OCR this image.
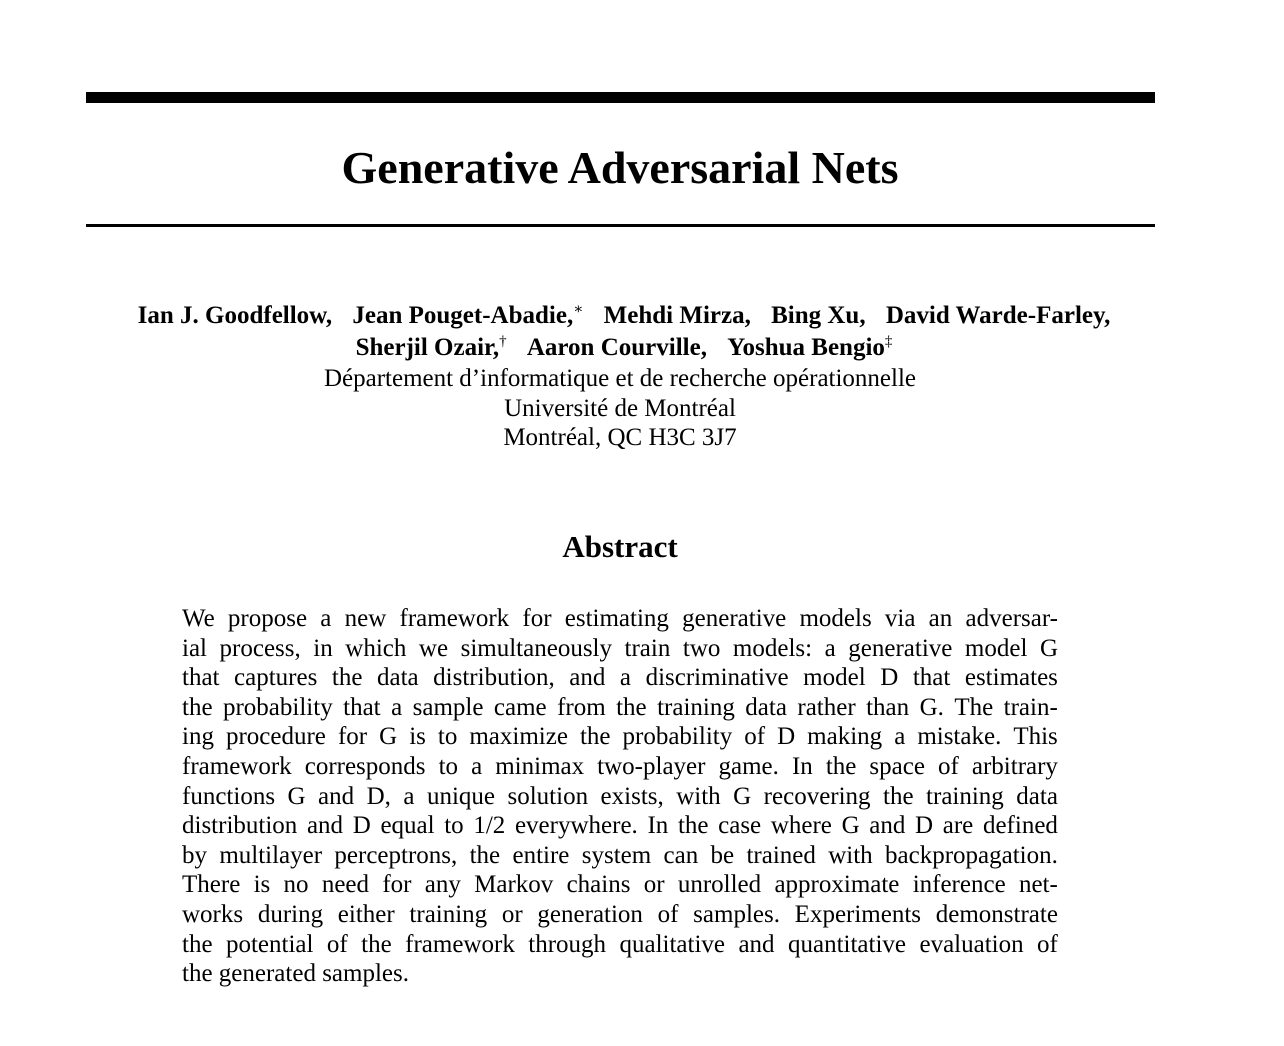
Generative Adversarial Nets
Ian J. Goodfellow, Jean Pouget-Abadie,∗ Mehdi Mirza, Bing Xu, David Warde-Farley,
Sherjil Ozair,† Aaron Courville, Yoshua Bengio‡
Département d’informatique et de recherche opérationnelle
Université de Montréal
Montréal, QC H3C 3J7
Abstract
We propose a new framework for estimating generative models via an adversar-
ial process, in which we simultaneously train two models: a generative model G
that captures the data distribution, and a discriminative model D that estimates
the probability that a sample came from the training data rather than G. The train-
ing procedure for G is to maximize the probability of D making a mistake. This
framework corresponds to a minimax two-player game. In the space of arbitrary
functions G and D, a unique solution exists, with G recovering the training data
distribution and D equal to 1/2 everywhere. In the case where G and D are defined
by multilayer perceptrons, the entire system can be trained with backpropagation.
There is no need for any Markov chains or unrolled approximate inference net-
works during either training or generation of samples. Experiments demonstrate
the potential of the framework through qualitative and quantitative evaluation of
the generated samples.
